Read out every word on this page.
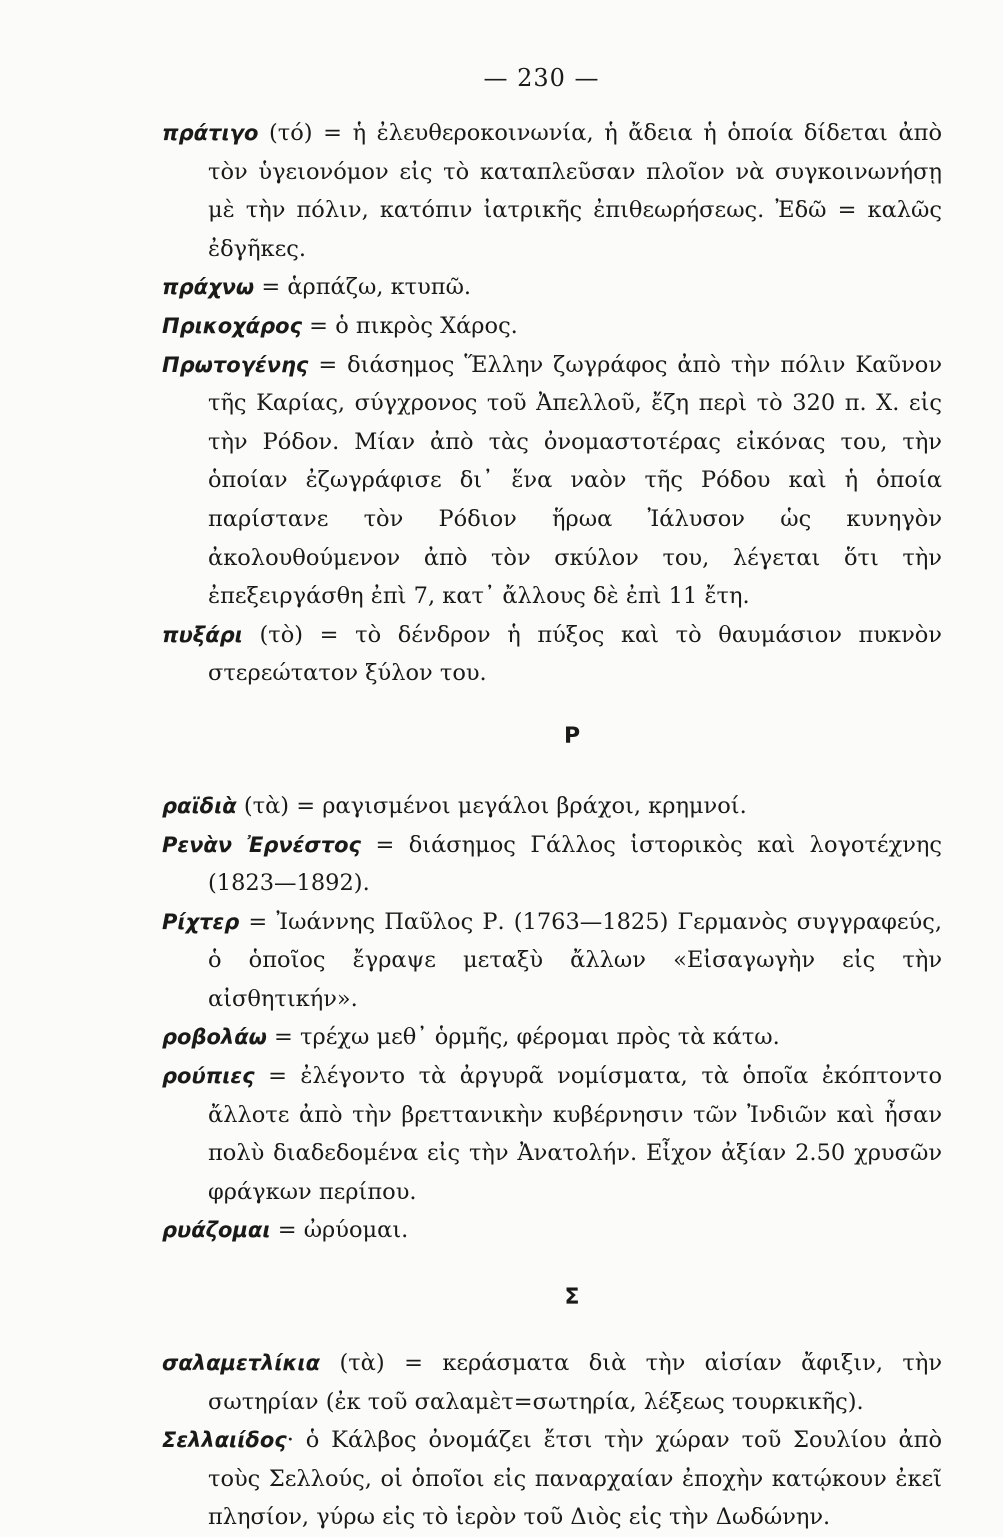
— 230 —

πράτιγο (τό) = ἡ ἐλευθεροκοινωνία, ἡ ἄδεια ἡ ὁποία δίδεται ἀπὸ τὸν ὑγειονόμον εἰς τὸ καταπλεῦσαν πλοῖον νὰ συγκοινωνήσῃ μὲ τὴν πόλιν, κατόπιν ἰατρικῆς ἐπιθεωρήσεως. Ἐδῶ = καλῶς ἐδγῆκες.

πράχνω = ἁρπάζω, κτυπῶ.

Πρικοχάρος = ὁ πικρὸς Χάρος.

Πρωτογένης = διάσημος Ἕλλην ζωγράφος ἀπὸ τὴν πόλιν Καῦνον τῆς Καρίας, σύγχρονος τοῦ Ἀπελλοῦ, ἔζη περὶ τὸ 320 π. Χ. εἰς τὴν Ρόδον. Μίαν ἀπὸ τὰς ὀνομαστοτέρας εἰκόνας του, τὴν ὁποίαν ἐζωγράφισε δι᾽ ἕνα ναὸν τῆς Ρόδου καὶ ἡ ὁποία παρίστανε τὸν Ρόδιον ἥρωα Ἰάλυσον ὡς κυνηγὸν ἀκολουθούμενον ἀπὸ τὸν σκύλον του, λέγεται ὅτι τὴν ἐπεξειργάσθη ἐπὶ 7, κατ᾽ ἄλλους δὲ ἐπὶ 11 ἔτη.

πυξάρι (τὸ) = τὸ δένδρον ἡ πύξος καὶ τὸ θαυμάσιον πυκνὸν στερεώτατον ξύλον του.

Ρ

ραϊδιὰ (τὰ) = ραγισμένοι μεγάλοι βράχοι, κρημνοί.

Ρενὰν Ἐρνέστος = διάσημος Γάλλος ἱστορικὸς καὶ λογοτέχνης (1823—1892).

Ρίχτερ = Ἰωάννης Παῦλος Ρ. (1763—1825) Γερμανὸς συγγραφεύς, ὁ ὁποῖος ἔγραψε μεταξὺ ἄλλων «Εἰσαγωγὴν εἰς τὴν αἰσθητικήν».

ροβολάω = τρέχω μεθ᾽ ὁρμῆς, φέρομαι πρὸς τὰ κάτω.

ρούπιες = ἐλέγοντο τὰ ἀργυρᾶ νομίσματα, τὰ ὁποῖα ἐκόπτοντο ἄλλοτε ἀπὸ τὴν βρεττανικὴν κυβέρνησιν τῶν Ἰνδιῶν καὶ ἦσαν πολὺ διαδεδομένα εἰς τὴν Ἀνατολήν. Εἶχον ἀξίαν 2.50 χρυσῶν φράγκων περίπου.

ρυάζομαι = ὠρύομαι.

Σ

σαλαμετλίκια (τὰ) = κεράσματα διὰ τὴν αἰσίαν ἄφιξιν, τὴν σωτηρίαν (ἐκ τοῦ σαλαμὲτ=σωτηρία, λέξεως τουρκικῆς).

Σελλαιίδος· ὁ Κάλβος ὀνομάζει ἔτσι τὴν χώραν τοῦ Σουλίου ἀπὸ τοὺς Σελλούς, οἱ ὁποῖοι εἰς παναρχαίαν ἐποχὴν κατῴκουν ἐκεῖ πλησίον, γύρω εἰς τὸ ἱερὸν τοῦ Διὸς εἰς τὴν Δωδώνην.
